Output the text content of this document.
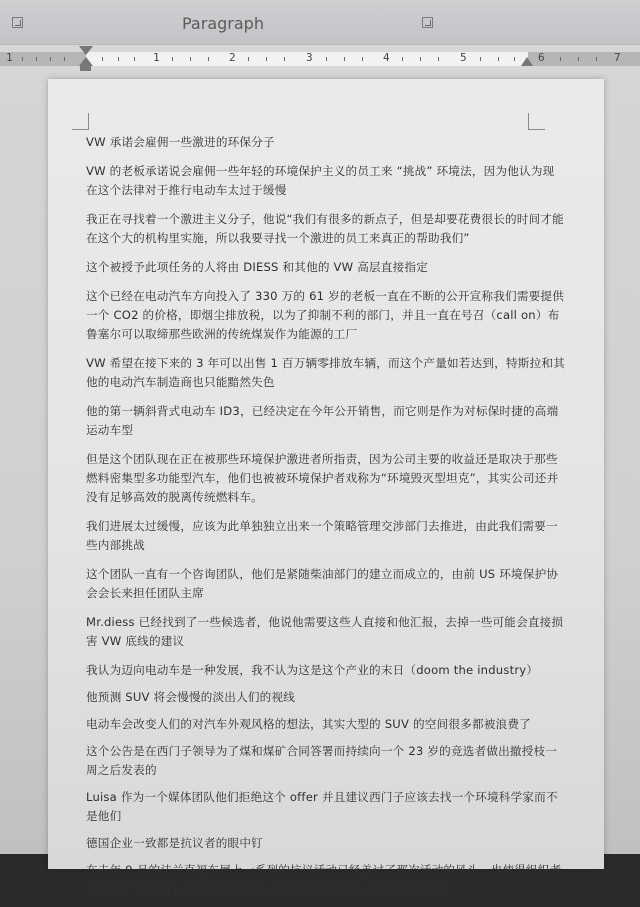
Paragraph
1	1	2	3	4	5	6	7

VW 承诺会雇佣一些激进的环保分子

VW 的老板承诺说会雇佣一些年轻的环境保护主义的员工来 “挑战” 环境法，因为他认为现在这个法律对于推行电动车太过于缓慢

我正在寻找着一个激进主义分子，他说“我们有很多的新点子，但是却要花费很长的时间才能在这个大的机构里实施，所以我要寻找一个激进的员工来真正的帮助我们”

这个被授予此项任务的人将由 DIESS 和其他的 VW 高层直接指定

这个已经在电动汽车方向投入了 330 万的 61 岁的老板一直在不断的公开宣称我们需要提供一个 CO2 的价格，即烟尘排放税，以为了抑制不利的部门，并且一直在号召（call on）布鲁塞尔可以取缔那些欧洲的传统煤炭作为能源的工厂

VW 希望在接下来的 3 年可以出售 1 百万辆零排放车辆，而这个产量如若达到，特斯拉和其他的电动汽车制造商也只能黯然失色

他的第一辆斜背式电动车 ID3，已经决定在今年公开销售，而它则是作为对标保时捷的高端运动车型

但是这个团队现在正在被那些环境保护激进者所指责，因为公司主要的收益还是取决于那些燃料密集型多功能型汽车，他们也被被环境保护者戏称为“环境毁灭型坦克”，其实公司还并没有足够高效的脱离传统燃料车。

我们进展太过缓慢，应该为此单独独立出来一个策略管理交涉部门去推进，由此我们需要一些内部挑战

这个团队一直有一个咨询团队，他们是紧随柴油部门的建立而成立的，由前 US 环境保护协会会长来担任团队主席

Mr.diess 已经找到了一些候选者，他说他需要这些人直接和他汇报，去掉一些可能会直接损害 VW 底线的建议

我认为迈向电动车是一种发展，我不认为这是这个产业的末日（doom the industry）

他预测 SUV 将会慢慢的淡出人们的视线

电动车会改变人们的对汽车外观风格的想法，其实大型的 SUV 的空间很多都被浪费了

这个公告是在西门子领导为了煤和煤矿合同答署而持续向一个 23 岁的竞选者做出撤授枝一周之后发表的

Luisa 作为一个媒体团队他们拒绝这个 offer 并且建议西门子应该去找一个环境科学家而不是他们

德国企业一致都是抗议者的眼中钉

在去年 9 月的法兰克福车展上一系列的抗议活动已经盖过了那次活动的风头，也使得组织者开始着手为 2021 年将会举办的下一场准备重新塑造一个全新的概念。
